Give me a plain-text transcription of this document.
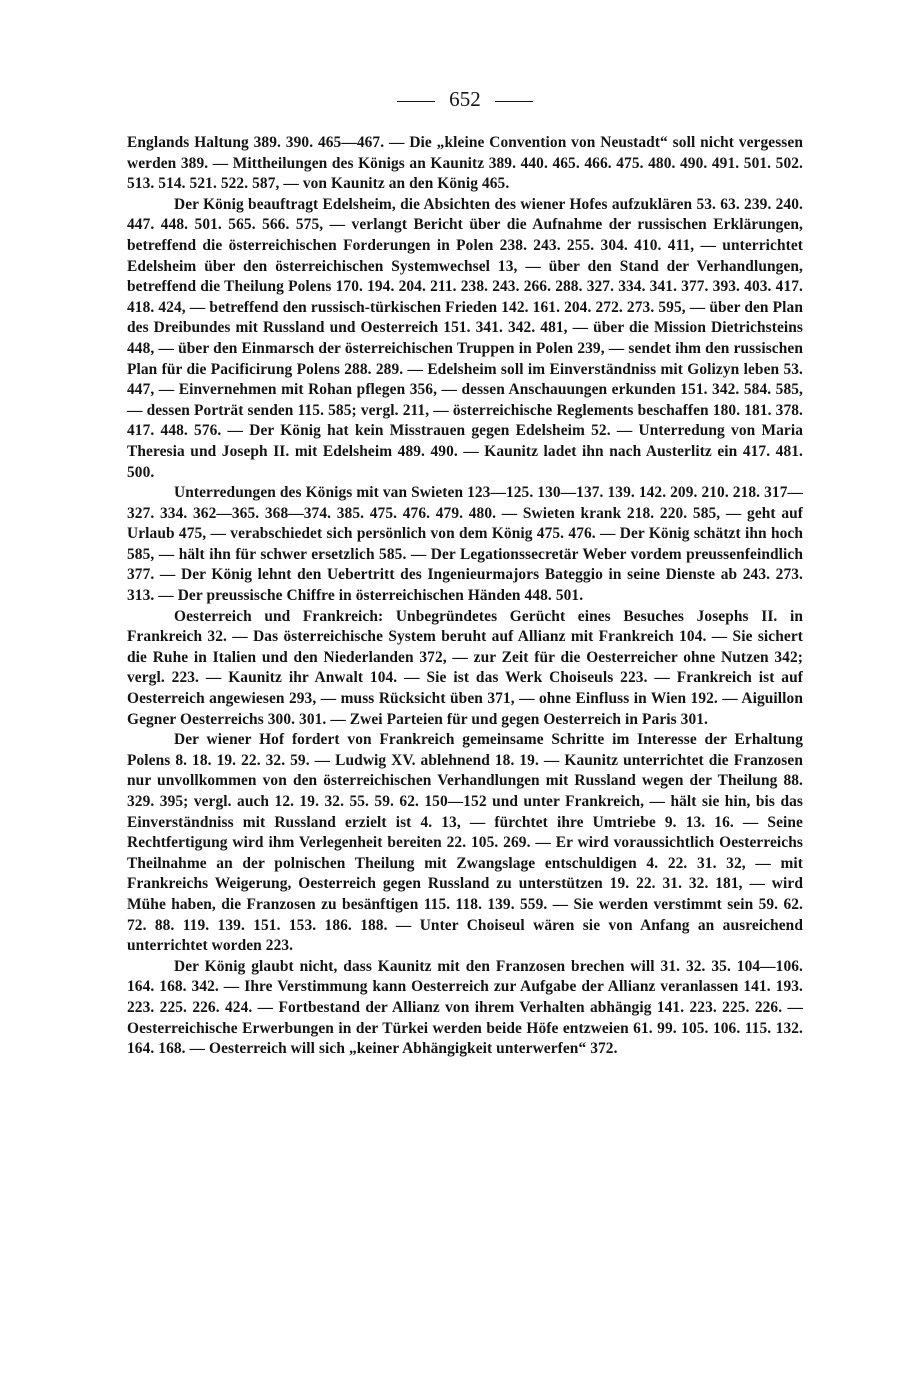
652

Englands Haltung 389. 390. 465—467. — Die „kleine Convention von Neustadt“ soll nicht vergessen werden 389. — Mittheilungen des Königs an Kaunitz 389. 440. 465. 466. 475. 480. 490. 491. 501. 502. 513. 514. 521. 522. 587, — von Kaunitz an den König 465.

Der König beauftragt Edelsheim, die Absichten des wiener Hofes aufzuklären 53. 63. 239. 240. 447. 448. 501. 565. 566. 575, — verlangt Bericht über die Aufnahme der russischen Erklärungen, betreffend die österreichischen Forderungen in Polen 238. 243. 255. 304. 410. 411, — unterrichtet Edelsheim über den österreichischen Systemwechsel 13, — über den Stand der Verhandlungen, betreffend die Theilung Polens 170. 194. 204. 211. 238. 243. 266. 288. 327. 334. 341. 377. 393. 403. 417. 418. 424, — betreffend den russisch-türkischen Frieden 142. 161. 204. 272. 273. 595, — über den Plan des Dreibundes mit Russland und Oesterreich 151. 341. 342. 481, — über die Mission Dietrichsteins 448, — über den Einmarsch der österreichischen Truppen in Polen 239, — sendet ihm den russischen Plan für die Pacificirung Polens 288. 289. — Edelsheim soll im Einverständniss mit Golizyn leben 53. 447, — Einvernehmen mit Rohan pflegen 356, — dessen Anschauungen erkunden 151. 342. 584. 585, — dessen Porträt senden 115. 585; vergl. 211, — österreichische Reglements beschaffen 180. 181. 378. 417. 448. 576. — Der König hat kein Misstrauen gegen Edelsheim 52. — Unterredung von Maria Theresia und Joseph II. mit Edelsheim 489. 490. — Kaunitz ladet ihn nach Austerlitz ein 417. 481. 500.

Unterredungen des Königs mit van Swieten 123—125. 130—137. 139. 142. 209. 210. 218. 317—327. 334. 362—365. 368—374. 385. 475. 476. 479. 480. — Swieten krank 218. 220. 585, — geht auf Urlaub 475, — verabschiedet sich persönlich von dem König 475. 476. — Der König schätzt ihn hoch 585, — hält ihn für schwer ersetzlich 585. — Der Legationssecretär Weber vordem preussenfeindlich 377. — Der König lehnt den Uebertritt des Ingenieurmajors Bateggio in seine Dienste ab 243. 273. 313. — Der preussische Chiffre in österreichischen Händen 448. 501.

Oesterreich und Frankreich: Unbegründetes Gerücht eines Besuches Josephs II. in Frankreich 32. — Das österreichische System beruht auf Allianz mit Frankreich 104. — Sie sichert die Ruhe in Italien und den Niederlanden 372, — zur Zeit für die Oesterreicher ohne Nutzen 342; vergl. 223. — Kaunitz ihr Anwalt 104. — Sie ist das Werk Choiseuls 223. — Frankreich ist auf Oesterreich angewiesen 293, — muss Rücksicht üben 371, — ohne Einfluss in Wien 192. — Aiguillon Gegner Oesterreichs 300. 301. — Zwei Parteien für und gegen Oesterreich in Paris 301.

Der wiener Hof fordert von Frankreich gemeinsame Schritte im Interesse der Erhaltung Polens 8. 18. 19. 22. 32. 59. — Ludwig XV. ablehnend 18. 19. — Kaunitz unterrichtet die Franzosen nur unvollkommen von den österreichischen Verhandlungen mit Russland wegen der Theilung 88. 329. 395; vergl. auch 12. 19. 32. 55. 59. 62. 150—152 und unter Frankreich, — hält sie hin, bis das Einverständniss mit Russland erzielt ist 4. 13, — fürchtet ihre Umtriebe 9. 13. 16. — Seine Rechtfertigung wird ihm Verlegenheit bereiten 22. 105. 269. — Er wird voraussichtlich Oesterreichs Theilnahme an der polnischen Theilung mit Zwangslage entschuldigen 4. 22. 31. 32, — mit Frankreichs Weigerung, Oesterreich gegen Russland zu unterstützen 19. 22. 31. 32. 181, — wird Mühe haben, die Franzosen zu besänftigen 115. 118. 139. 559. — Sie werden verstimmt sein 59. 62. 72. 88. 119. 139. 151. 153. 186. 188. — Unter Choiseul wären sie von Anfang an ausreichend unterrichtet worden 223.

Der König glaubt nicht, dass Kaunitz mit den Franzosen brechen will 31. 32. 35. 104—106. 164. 168. 342. — Ihre Verstimmung kann Oesterreich zur Aufgabe der Allianz veranlassen 141. 193. 223. 225. 226. 424. — Fortbestand der Allianz von ihrem Verhalten abhängig 141. 223. 225. 226. — Oesterreichische Erwerbungen in der Türkei werden beide Höfe entzweien 61. 99. 105. 106. 115. 132. 164. 168. — Oesterreich will sich „keiner Abhängigkeit unterwerfen“ 372.
